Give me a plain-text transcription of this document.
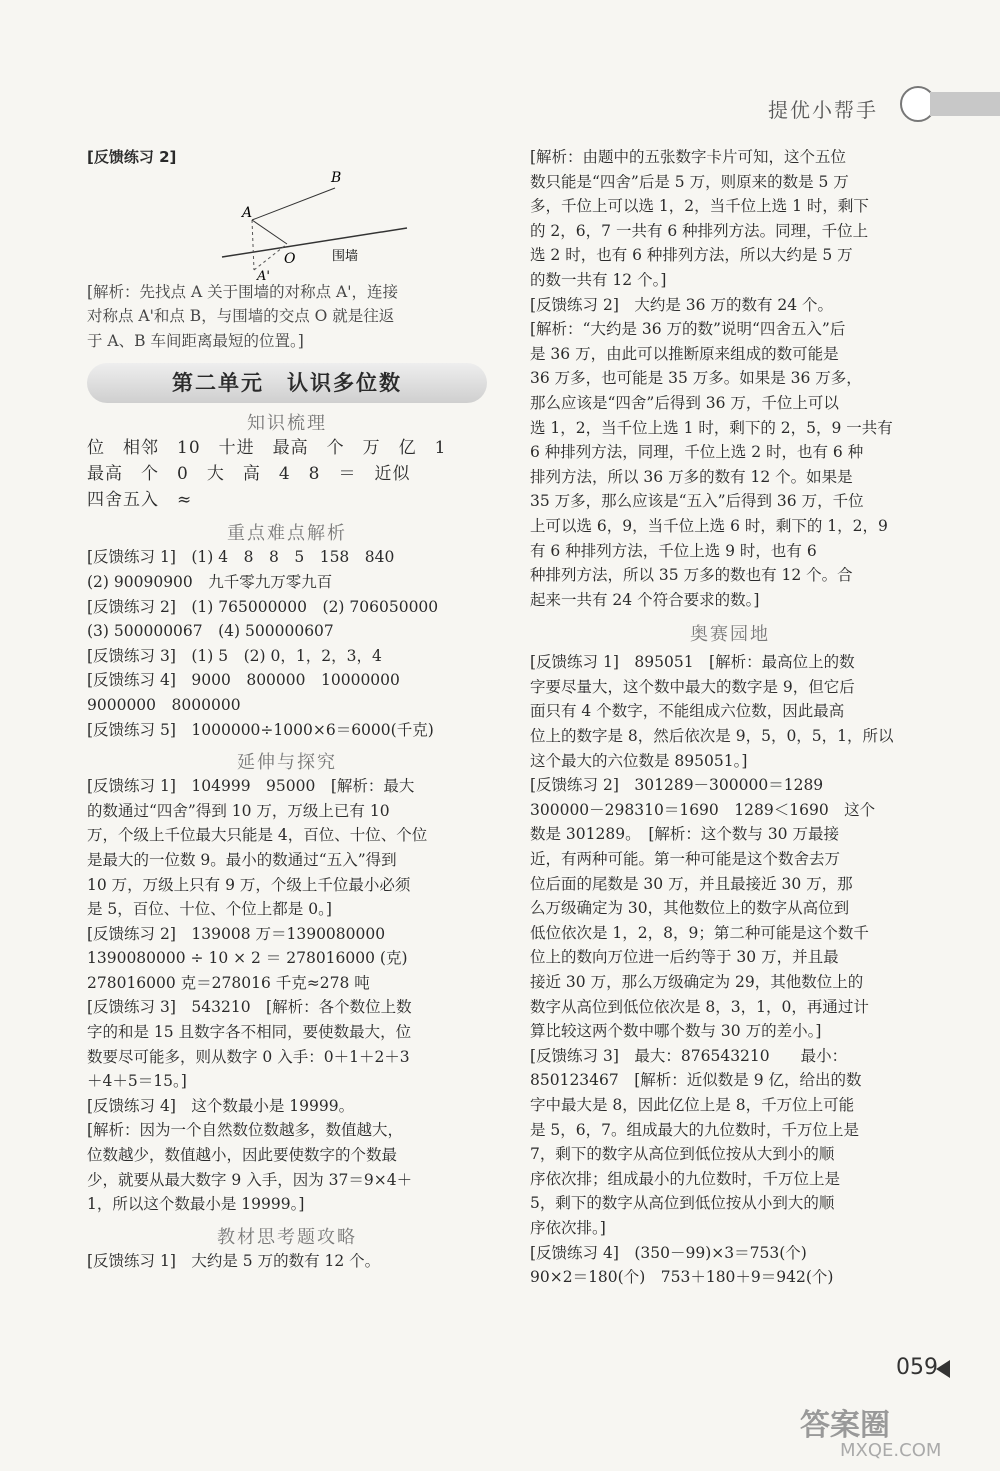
提优小帮手
[反馈练习 2]
B
A
O
A'
围墙
[解析：先找点 A 关于围墙的对称点 A'，连接
对称点 A'和点 B，与围墙的交点 O 就是往返
于 A、B 车间距离最短的位置。]
第二单元　认识多位数
知识梳理
位　相邻　10　十进　最高　个　万　亿　1
最高　个　0　大　高　4　8　＝　近似
四舍五入　≈
重点难点解析
[反馈练习 1]　(1) 4　8　8　5　158　840
(2) 90090900　九千零九万零九百
[反馈练习 2]　(1) 765000000　(2) 706050000
(3) 500000067　(4) 500000607
[反馈练习 3]　(1) 5　(2) 0，1，2，3，4
[反馈练习 4]　9000　800000　10000000
9000000　8000000
[反馈练习 5]　1000000÷1000×6＝6000(千克)
延伸与探究
[反馈练习 1]　104999　95000　[解析：最大
的数通过“四舍”得到 10 万，万级上已有 10
万，个级上千位最大只能是 4，百位、十位、个位
是最大的一位数 9。最小的数通过“五入”得到
10 万，万级上只有 9 万，个级上千位最小必须
是 5，百位、十位、个位上都是 0。]
[反馈练习 2]　139008 万＝1390080000
1390080000 ÷ 10 × 2 ＝ 278016000 (克)
278016000 克＝278016 千克≈278 吨
[反馈练习 3]　543210　[解析：各个数位上数
字的和是 15 且数字各不相同，要使数最大，位
数要尽可能多，则从数字 0 入手：0＋1＋2＋3
＋4＋5＝15。]
[反馈练习 4]　这个数最小是 19999。
[解析：因为一个自然数位数越多，数值越大，
位数越少，数值越小，因此要使数字的个数最
少，就要从最大数字 9 入手，因为 37＝9×4＋
1，所以这个数最小是 19999。]
教材思考题攻略
[反馈练习 1]　大约是 5 万的数有 12 个。
[解析：由题中的五张数字卡片可知，这个五位
数只能是“四舍”后是 5 万，则原来的数是 5 万
多，千位上可以选 1，2，当千位上选 1 时，剩下
的 2，6，7 一共有 6 种排列方法。同理，千位上
选 2 时，也有 6 种排列方法，所以大约是 5 万
的数一共有 12 个。]
[反馈练习 2]　大约是 36 万的数有 24 个。
[解析：“大约是 36 万的数”说明“四舍五入”后
是 36 万，由此可以推断原来组成的数可能是
36 万多，也可能是 35 万多。如果是 36 万多，
那么应该是“四舍”后得到 36 万，千位上可以
选 1，2，当千位上选 1 时，剩下的 2，5，9 一共有
6 种排列方法，同理，千位上选 2 时，也有 6 种
排列方法，所以 36 万多的数有 12 个。如果是
35 万多，那么应该是“五入”后得到 36 万，千位
上可以选 6，9，当千位上选 6 时，剩下的 1，2，9
有 6 种排列方法，千位上选 9 时，也有 6
种排列方法，所以 35 万多的数也有 12 个。合
起来一共有 24 个符合要求的数。]
奥赛园地
[反馈练习 1]　895051　[解析：最高位上的数
字要尽量大，这个数中最大的数字是 9，但它后
面只有 4 个数字，不能组成六位数，因此最高
位上的数字是 8，然后依次是 9，5，0，5，1，所以
这个最大的六位数是 895051。]
[反馈练习 2]　301289－300000＝1289
300000－298310＝1690　1289＜1690　这个
数是 301289。　[解析：这个数与 30 万最接
近，有两种可能。第一种可能是这个数舍去万
位后面的尾数是 30 万，并且最接近 30 万，那
么万级确定为 30，其他数位上的数字从高位到
低位依次是 1，2，8，9；第二种可能是这个数千
位上的数向万位进一后约等于 30 万，并且最
接近 30 万，那么万级确定为 29，其他数位上的
数字从高位到低位依次是 8，3，1，0，再通过计
算比较这两个数中哪个数与 30 万的差小。]
[反馈练习 3]　最大：876543210　　最小：
850123467　[解析：近似数是 9 亿，给出的数
字中最大是 8，因此亿位上是 8，千万位上可能
是 5，6，7。组成最大的九位数时，千万位上是
7，剩下的数字从高位到低位按从大到小的顺
序依次排；组成最小的九位数时，千万位上是
5，剩下的数字从高位到低位按从小到大的顺
序依次排。]
[反馈练习 4]　(350－99)×3＝753(个)
90×2＝180(个)　753＋180＋9＝942(个)
059
答案圈
MXQE.COM
